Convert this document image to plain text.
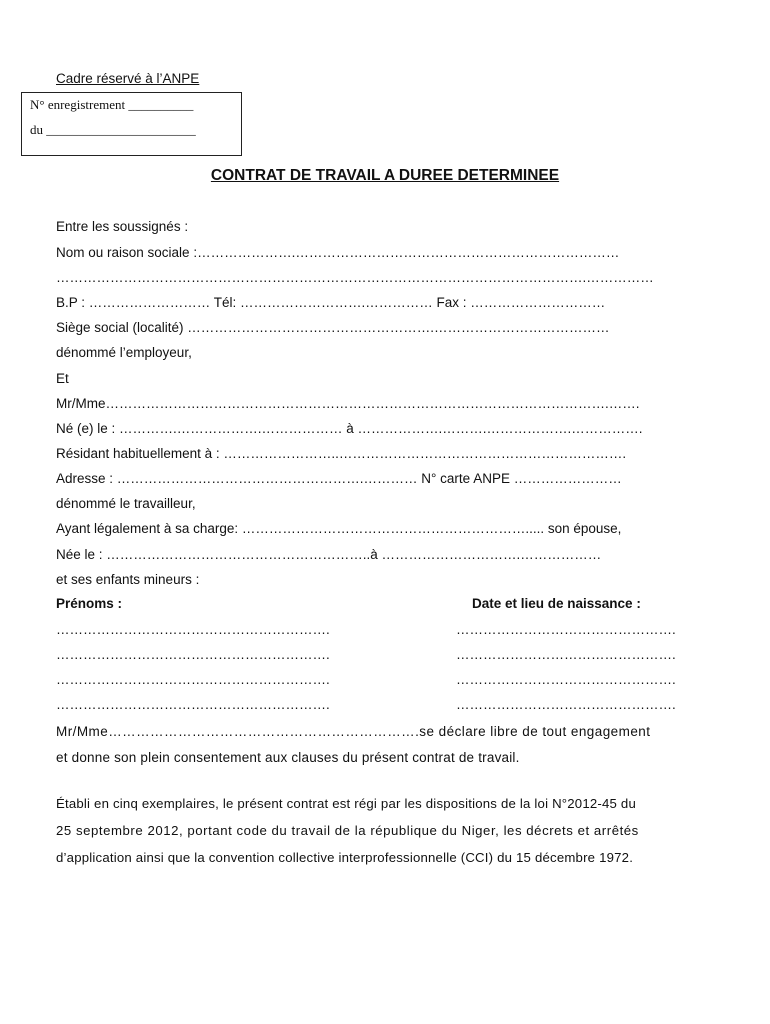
Cadre réservé à l’ANPE
N° enregistrement __________
du _______________________
CONTRAT DE TRAVAIL A DUREE DETERMINEE
Entre les soussignés :
Nom ou raison sociale :………………….………………………………………………………………
……………………………………………………………………………………………………….……………
B.P : ……………………… Tél: ……………………….…………… Fax : …………………………
Siège social (localité) ……………………………………………….…………………………………
dénommé l’employeur,
Et
Mr/Mme………………………………………………………………………………………………….…….
Né (e) le : ………….……………….……………… à ……………….……….……………….…………….
Résidant habituellement à : ……………………..……………………………………………………….
Adresse : ……………………………………………….………… N° carte ANPE ……………………
dénommé le travailleur,
Ayant légalement à sa charge: ………………………………………………………..... son épouse,
Née le : …………………………………………………..à ………………………….………………
et ses enfants mineurs :
Prénoms :	Date et lieu de naissance :
…………………………………………………….	………………………………………….
…………………………………………………….	………………………………………….
…………………………………………………….	………………………………………….
…………………………………………………….	………………………………………….
Mr/Mme………………………………………………………….se déclare libre de tout engagement
et donne son plein consentement aux clauses du présent contrat de travail.
Établi en cinq exemplaires, le présent contrat est régi par les dispositions de la loi N°2012-45 du
25 septembre 2012, portant code du travail de la république du Niger, les décrets et arrêtés
d’application ainsi que la convention collective interprofessionnelle (CCI) du 15 décembre 1972.
